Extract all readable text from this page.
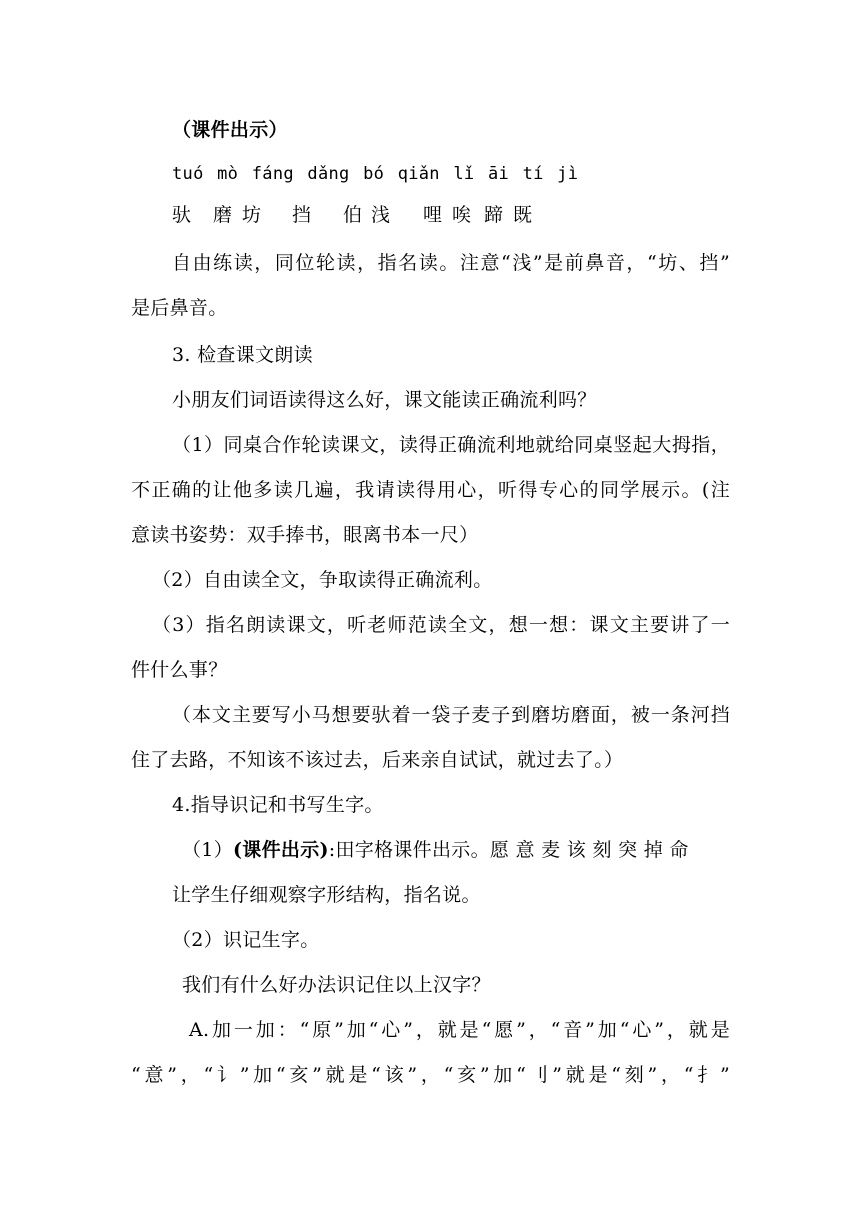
（课件出示）
tuó mò fáng dǎng bó qiǎn lǐ āi tí jì
驮 磨 坊 挡 伯 浅 哩 唉 蹄 既
自由练读，同位轮读，指名读。注意“浅”是前鼻音，“坊、挡”
是后鼻音。
3. 检查课文朗读
小朋友们词语读得这么好，课文能读正确流利吗？
（1）同桌合作轮读课文，读得正确流利地就给同桌竖起大拇指，
不正确的让他多读几遍，我请读得用心，听得专心的同学展示。(注
意读书姿势：双手捧书，眼离书本一尺）
（2）自由读全文，争取读得正确流利。
（3）指名朗读课文，听老师范读全文，想一想：课文主要讲了一
件什么事？
（本文主要写小马想要驮着一袋子麦子到磨坊磨面，被一条河挡
住了去路，不知该不该过去，后来亲自试试，就过去了。）
4.指导识记和书写生字。
（1）(课件出示):田字格课件出示。愿 意 麦 该 刻 突 掉 命
让学生仔细观察字形结构，指名说。
（2）识记生字。
我们有什么好办法识记住以上汉字？
A.加一加：“原”加“心”，就是“愿”，“音”加“心”，就是
“意”，“讠”加“亥”就是“该”，“亥”加“刂”就是“刻”，“扌”
